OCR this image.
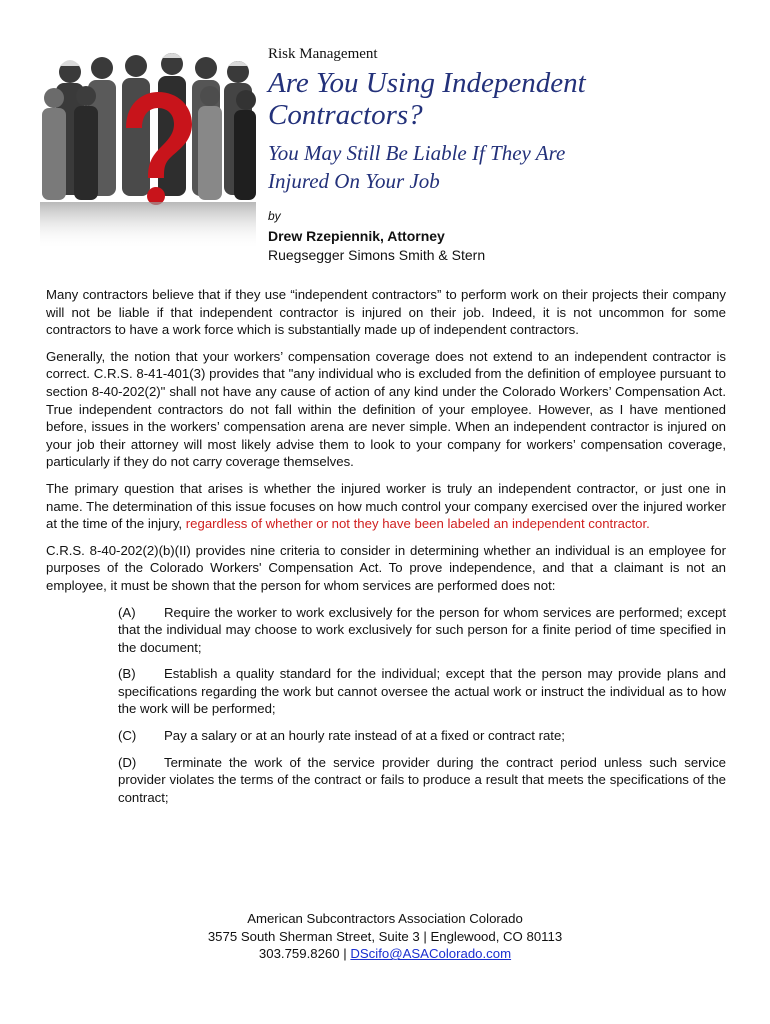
Risk Management
Are You Using Independent
Contractors?
You May Still Be Liable If They Are
Injured On Your Job
by
Drew Rzepiennik, Attorney
Ruegsegger Simons Smith & Stern

Many contractors believe that if they use “independent contractors” to perform work on their projects their company will not be liable if that independent contractor is injured on their job. Indeed, it is not uncommon for some contractors to have a work force which is substantially made up of independent contractors.

Generally, the notion that your workers’ compensation coverage does not extend to an independent contractor is correct. C.R.S. 8-41-401(3) provides that "any individual who is excluded from the definition of employee pursuant to section 8-40-202(2)" shall not have any cause of action of any kind under the Colorado Workers’ Compensation Act. True independent contractors do not fall within the definition of your employee. However, as I have mentioned before, issues in the workers’ compensation arena are never simple. When an independent contractor is injured on your job their attorney will most likely advise them to look to your company for workers’ compensation coverage, particularly if they do not carry coverage themselves.

The primary question that arises is whether the injured worker is truly an independent contractor, or just one in name. The determination of this issue focuses on how much control your company exercised over the injured worker at the time of the injury, regardless of whether or not they have been labeled an independent contractor.

C.R.S. 8-40-202(2)(b)(II) provides nine criteria to consider in determining whether an individual is an employee for purposes of the Colorado Workers' Compensation Act. To prove independence, and that a claimant is not an employee, it must be shown that the person for whom services are performed does not:

(A) Require the worker to work exclusively for the person for whom services are performed; except that the individual may choose to work exclusively for such person for a finite period of time specified in the document;

(B) Establish a quality standard for the individual; except that the person may provide plans and specifications regarding the work but cannot oversee the actual work or instruct the individual as to how the work will be performed;

(C) Pay a salary or at an hourly rate instead of at a fixed or contract rate;

(D) Terminate the work of the service provider during the contract period unless such service provider violates the terms of the contract or fails to produce a result that meets the specifications of the contract;

American Subcontractors Association Colorado
3575 South Sherman Street, Suite 3 | Englewood, CO 80113
303.759.8260 | DScifo@ASAColorado.com
